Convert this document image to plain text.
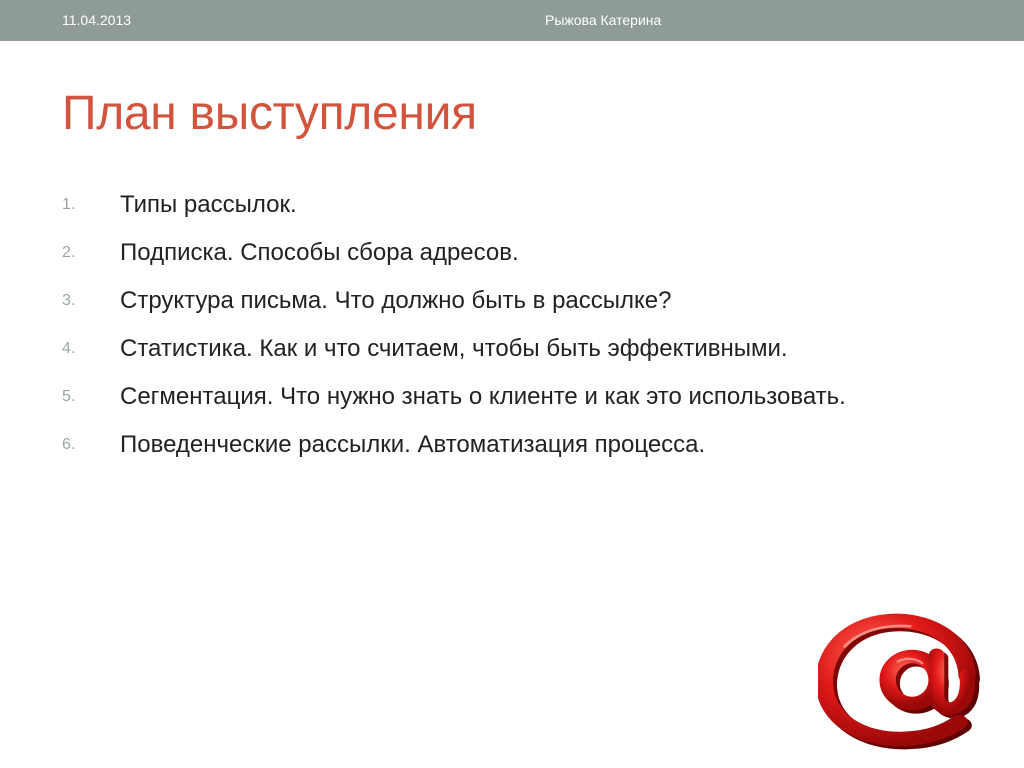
11.04.2013	Рыжова Катерина
План выступления
1.	Типы рассылок.
2.	Подписка. Способы сбора адресов.
3.	Структура письма. Что должно быть в рассылке?
4.	Статистика. Как и что считаем, чтобы быть эффективными.
5.	Сегментация. Что нужно знать о клиенте и как это использовать.
6.	Поведенческие рассылки. Автоматизация процесса.
